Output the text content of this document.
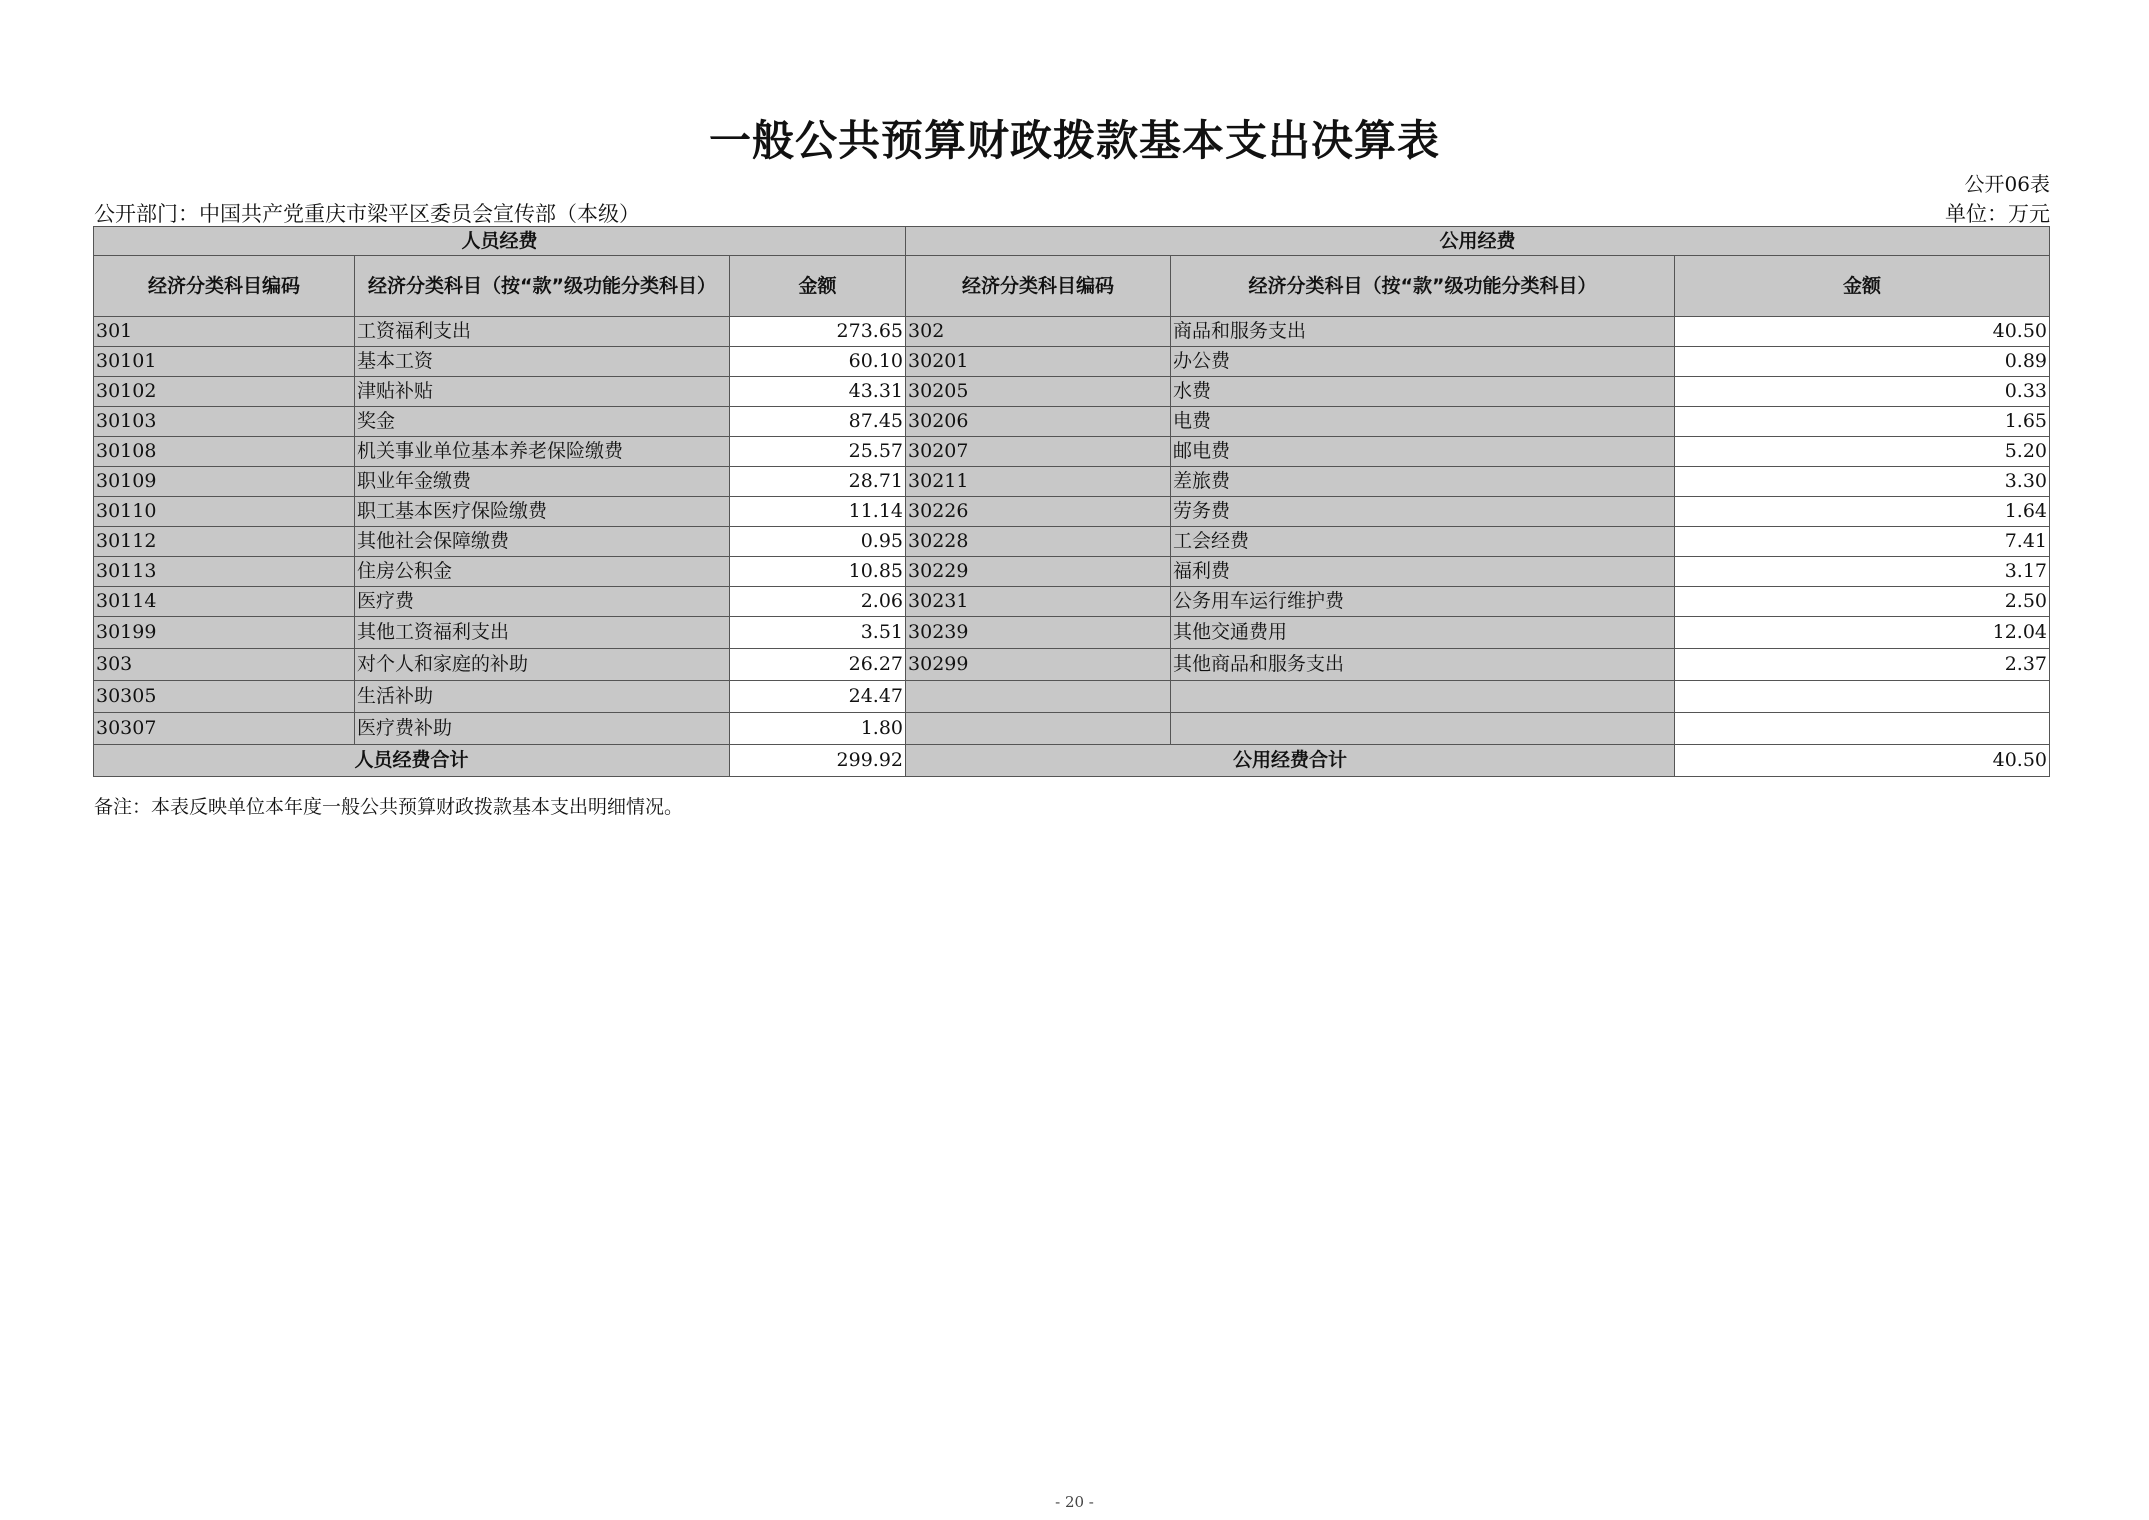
一般公共预算财政拨款基本支出决算表
公开06表
公开部门：中国共产党重庆市梁平区委员会宣传部（本级）	单位：万元
人员经费			公用经费		
经济分类科目编码	经济分类科目（按“款”级功能分类科目）	金额	经济分类科目编码	经济分类科目（按“款”级功能分类科目）	金额
301	工资福利支出	273.65	302	商品和服务支出	40.50
30101	基本工资	60.10	30201	办公费	0.89
30102	津贴补贴	43.31	30205	水费	0.33
30103	奖金	87.45	30206	电费	1.65
30108	机关事业单位基本养老保险缴费	25.57	30207	邮电费	5.20
30109	职业年金缴费	28.71	30211	差旅费	3.30
30110	职工基本医疗保险缴费	11.14	30226	劳务费	1.64
30112	其他社会保障缴费	0.95	30228	工会经费	7.41
30113	住房公积金	10.85	30229	福利费	3.17
30114	医疗费	2.06	30231	公务用车运行维护费	2.50
30199	其他工资福利支出	3.51	30239	其他交通费用	12.04
303	对个人和家庭的补助	26.27	30299	其他商品和服务支出	2.37
30305	生活补助	24.47			
30307	医疗费补助	1.80			
人员经费合计		299.92	公用经费合计		40.50
备注：本表反映单位本年度一般公共预算财政拨款基本支出明细情况。
- 20 -
